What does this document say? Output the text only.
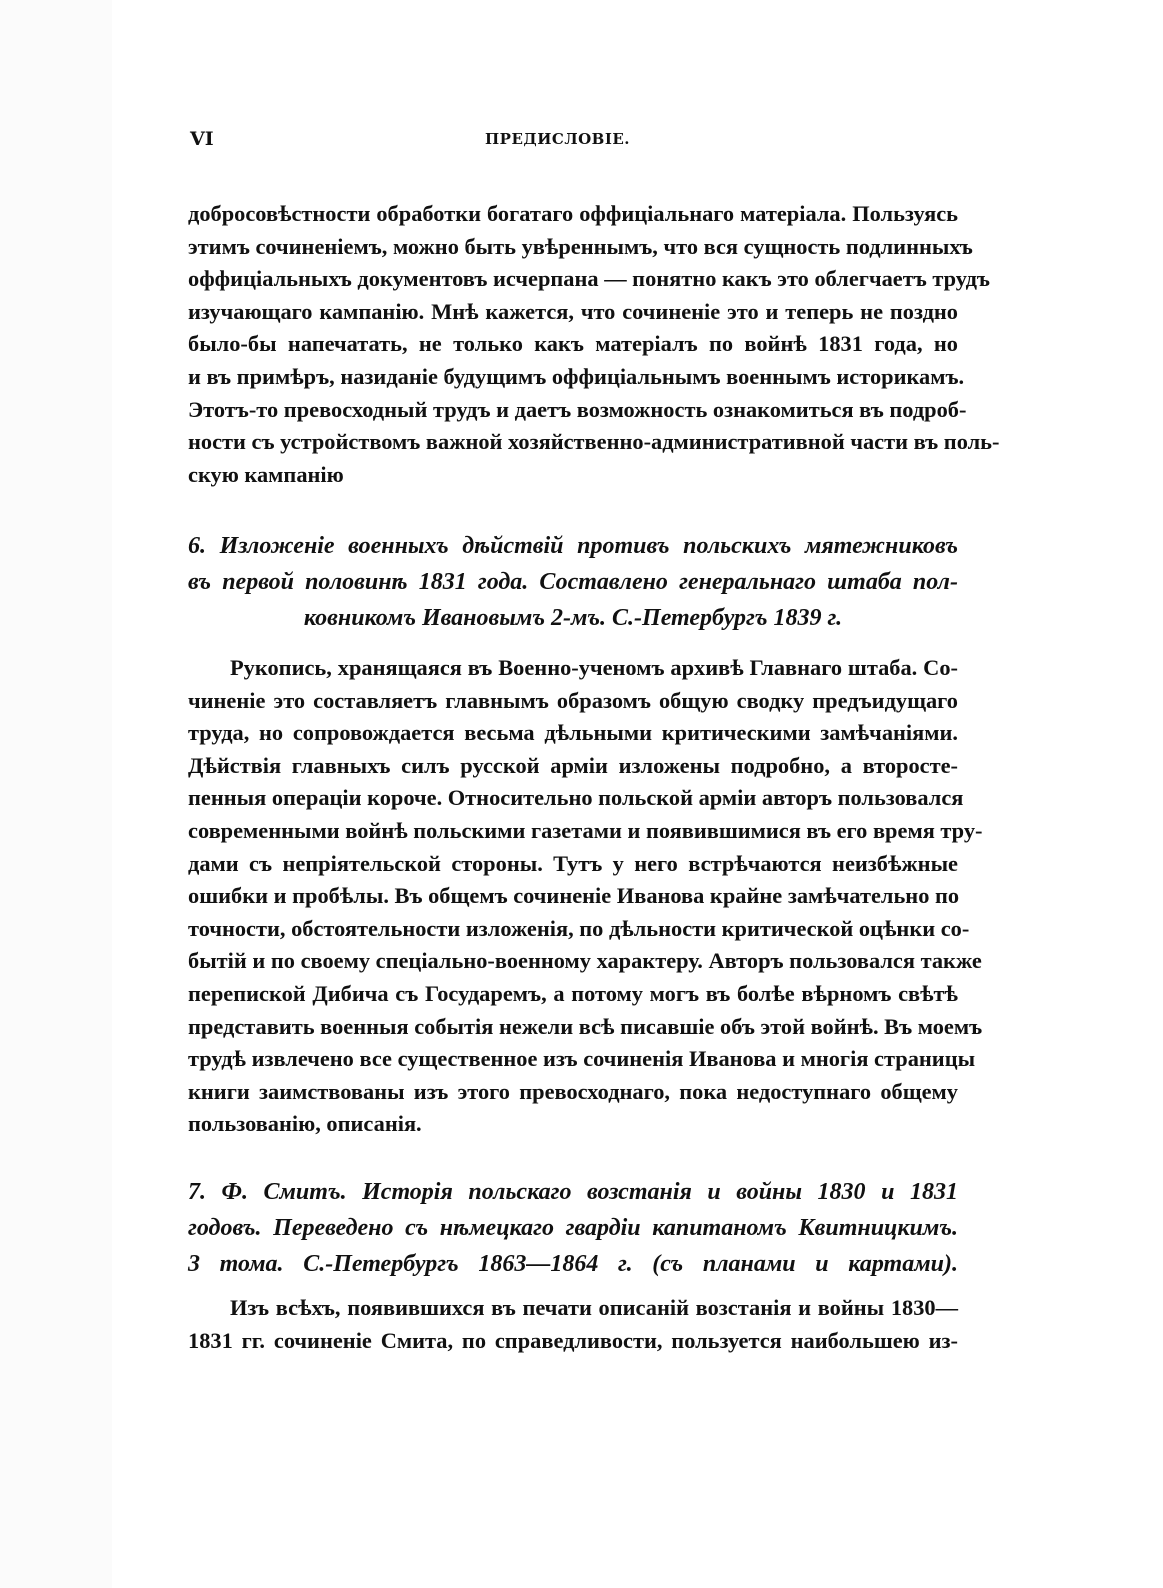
VI	ПРЕДИСЛОВІЕ.
добросовѣстности обработки богатаго оффиціальнаго матеріала. Пользуясь
этимъ сочиненіемъ, можно быть увѣреннымъ, что вся сущность подлинныхъ
оффиціальныхъ документовъ исчерпана — понятно какъ это облегчаетъ трудъ
изучающаго кампанію. Мнѣ кажется, что сочиненіе это и теперь не поздно
было-бы напечатать, не только какъ матеріалъ по войнѣ 1831 года, но
и въ примѣръ, назиданіе будущимъ оффиціальнымъ военнымъ историкамъ.
Этотъ-то превосходный трудъ и даетъ возможность ознакомиться въ подроб-
ности съ устройствомъ важной хозяйственно-административной части въ поль-
скую кампанію
6. Изложеніе военныхъ дѣйствій противъ польскихъ мятежниковъ
въ первой половинѣ 1831 года. Составлено генеральнаго штаба пол-
ковникомъ Ивановымъ 2-мъ. С.-Петербургъ 1839 г.
Рукопись, хранящаяся въ Военно-ученомъ архивѣ Главнаго штаба. Со-
чиненіе это составляетъ главнымъ образомъ общую сводку предъидущаго
труда, но сопровождается весьма дѣльными критическими замѣчаніями.
Дѣйствія главныхъ силъ русской арміи изложены подробно, а второсте-
пенныя операціи короче. Относительно польской арміи авторъ пользовался
современными войнѣ польскими газетами и появившимися въ его время тру-
дами съ непріятельской стороны. Тутъ у него встрѣчаются неизбѣжные
ошибки и пробѣлы. Въ общемъ сочиненіе Иванова крайне замѣчательно по
точности, обстоятельности изложенія, по дѣльности критической оцѣнки со-
бытій и по своему спеціально-военному характеру. Авторъ пользовался также
перепиской Дибича съ Государемъ, а потому могъ въ болѣе вѣрномъ свѣтѣ
представить военныя событія нежели всѣ писавшіе объ этой войнѣ. Въ моемъ
трудѣ извлечено все существенное изъ сочиненія Иванова и многія страницы
книги заимствованы изъ этого превосходнаго, пока недоступнаго общему
пользованію, описанія.
7. Ф. Смитъ. Исторія польскаго возстанія и войны 1830 и 1831
годовъ. Переведено съ нѣмецкаго гвардіи капитаномъ Квитницкимъ.
3 тома. С.-Петербургъ 1863—1864 г. (съ планами и картами).
Изъ всѣхъ, появившихся въ печати описаній возстанія и войны 1830—
1831 гг. сочиненіе Смита, по справедливости, пользуется наибольшею из-
